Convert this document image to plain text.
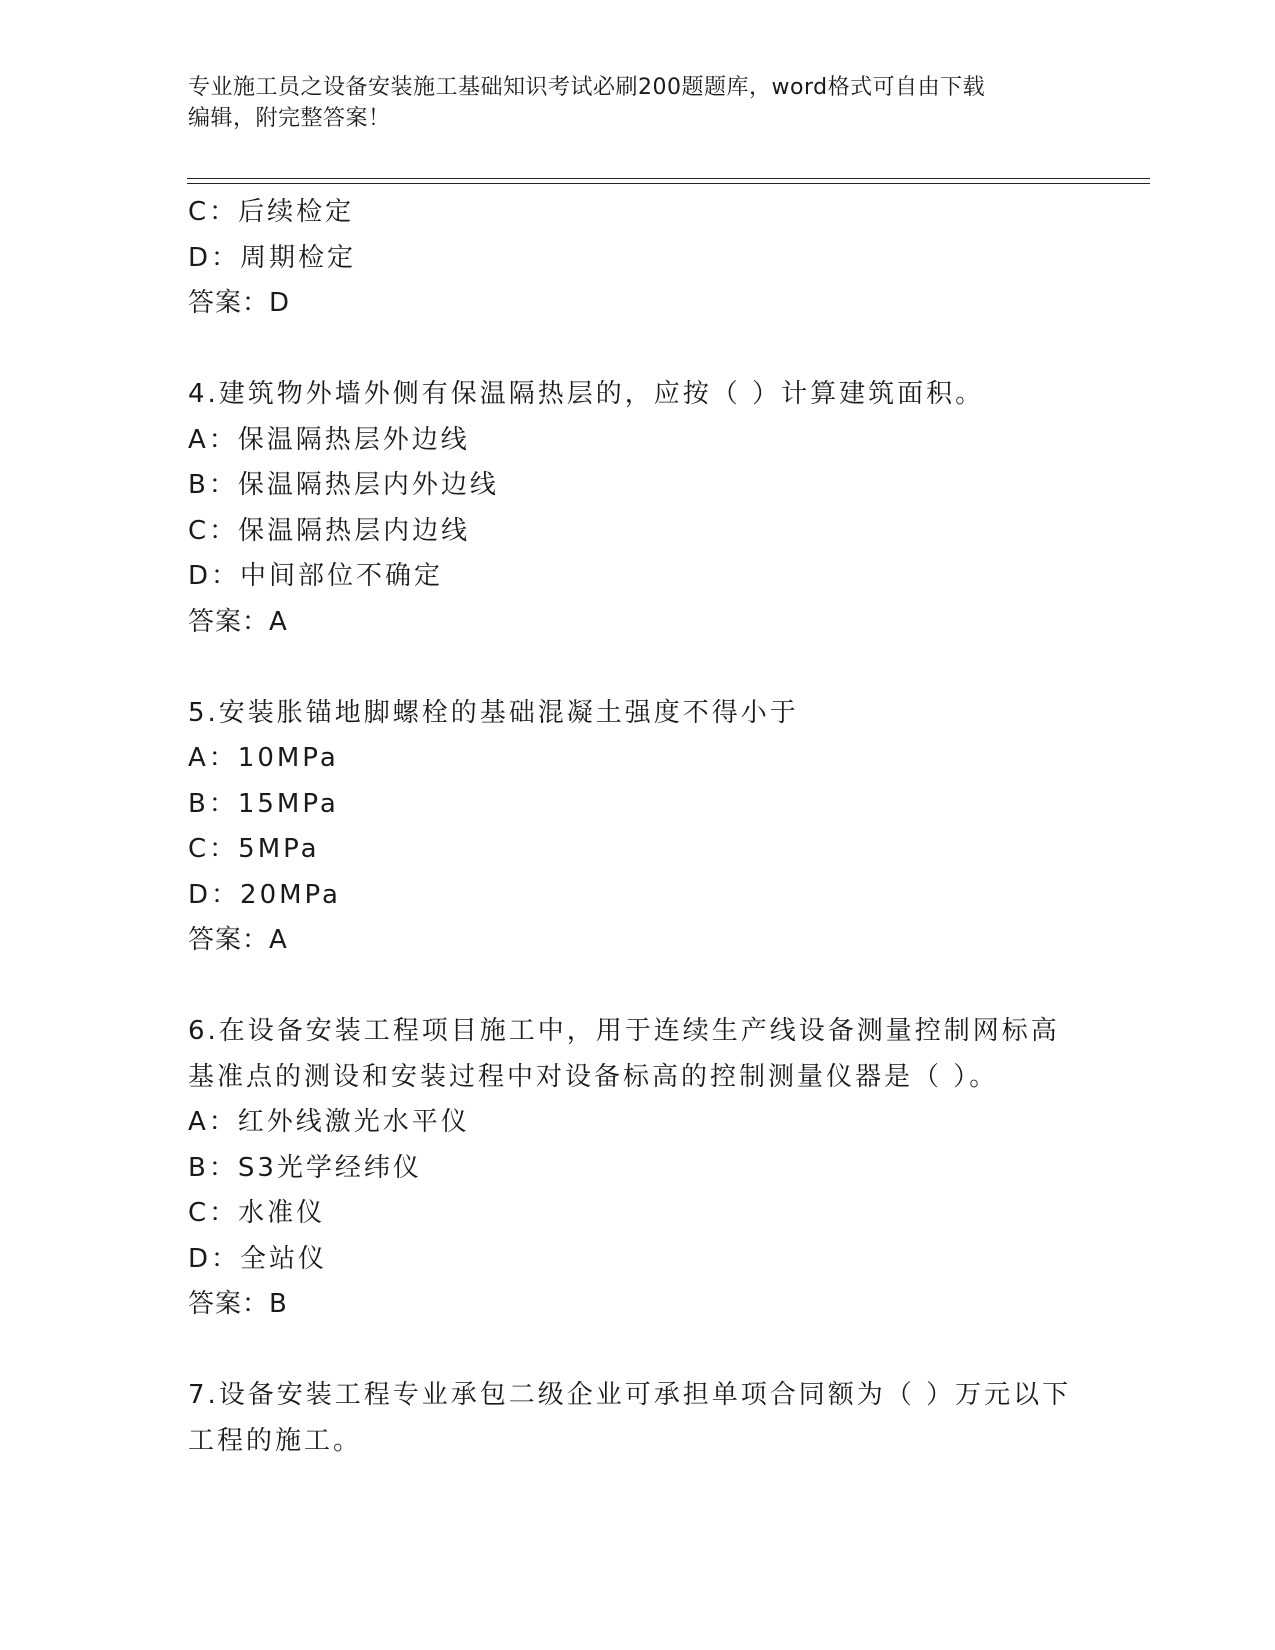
专业施工员之设备安装施工基础知识考试必刷200题题库，word格式可自由下载
编辑，附完整答案！
C：后续检定
D：周期检定
答案：D
4.建筑物外墙外侧有保温隔热层的，应按（ ）计算建筑面积。
A：保温隔热层外边线
B：保温隔热层内外边线
C：保温隔热层内边线
D：中间部位不确定
答案：A
5.安装胀锚地脚螺栓的基础混凝土强度不得小于
A：10MPa
B：15MPa
C：5MPa
D：20MPa
答案：A
6.在设备安装工程项目施工中，用于连续生产线设备测量控制网标高
基准点的测设和安装过程中对设备标高的控制测量仪器是（ ）。
A：红外线激光水平仪
B：S3光学经纬仪
C：水准仪
D：全站仪
答案：B
7.设备安装工程专业承包二级企业可承担单项合同额为（ ）万元以下
工程的施工。
